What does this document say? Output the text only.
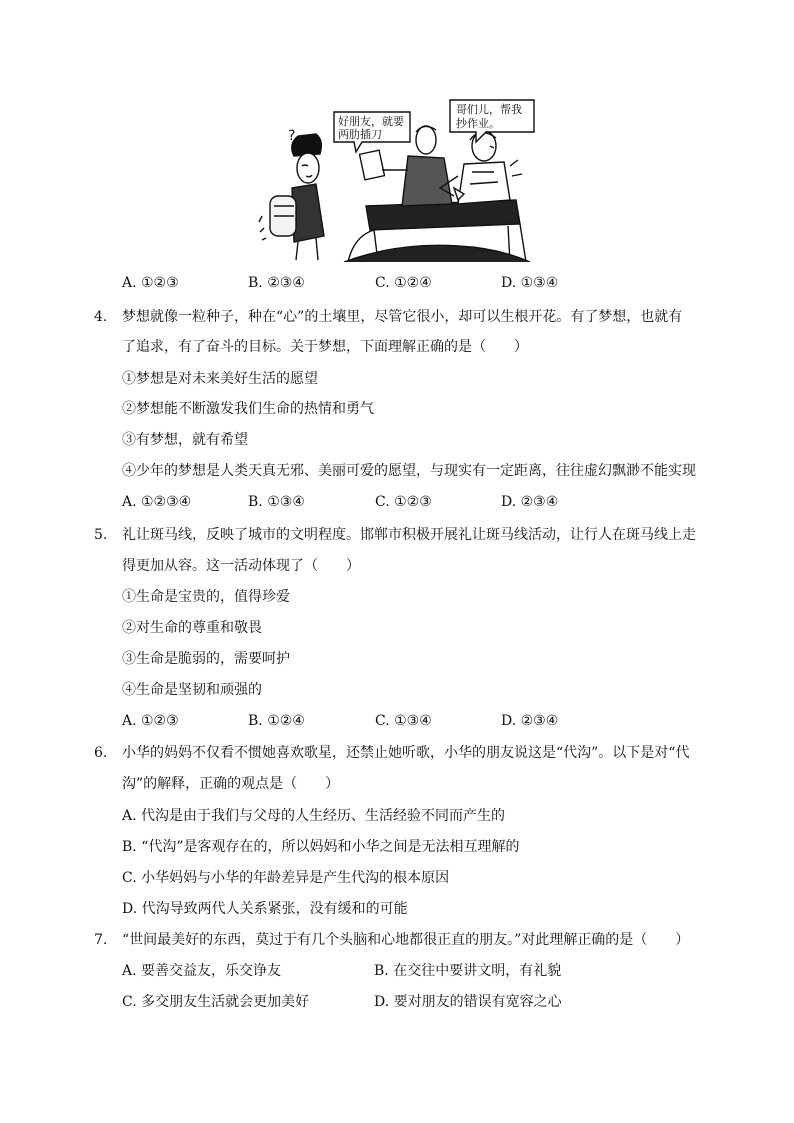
好朋友，就要
两肋插刀
哥们儿，帮我
抄作业。
?
A. ①②③	B. ②③④	C. ①②④	D. ①③④
4. 梦想就像一粒种子，种在“心”的土壤里，尽管它很小，却可以生根开花。有了梦想，也就有
了追求，有了奋斗的目标。关于梦想，下面理解正确的是（　　）
①梦想是对未来美好生活的愿望
②梦想能不断激发我们生命的热情和勇气
③有梦想，就有希望
④少年的梦想是人类天真无邪、美丽可爱的愿望，与现实有一定距离，往往虚幻飘渺不能实现
A. ①②③④	B. ①③④	C. ①②③	D. ②③④
5. 礼让斑马线，反映了城市的文明程度。邯郸市积极开展礼让斑马线活动，让行人在斑马线上走
得更加从容。这一活动体现了（　　）
①生命是宝贵的，值得珍爱
②对生命的尊重和敬畏
③生命是脆弱的，需要呵护
④生命是坚韧和顽强的
A. ①②③	B. ①②④	C. ①③④	D. ②③④
6. 小华的妈妈不仅看不惯她喜欢歌星，还禁止她听歌，小华的朋友说这是“代沟”。以下是对“代
沟”的解释，正确的观点是（　　）
A. 代沟是由于我们与父母的人生经历、生活经验不同而产生的
B. “代沟”是客观存在的，所以妈妈和小华之间是无法相互理解的
C. 小华妈妈与小华的年龄差异是产生代沟的根本原因
D. 代沟导致两代人关系紧张，没有缓和的可能
7. “世间最美好的东西，莫过于有几个头脑和心地都很正直的朋友。”对此理解正确的是（　　）
A. 要善交益友，乐交诤友	B. 在交往中要讲文明，有礼貌
C. 多交朋友生活就会更加美好	D. 要对朋友的错误有宽容之心
